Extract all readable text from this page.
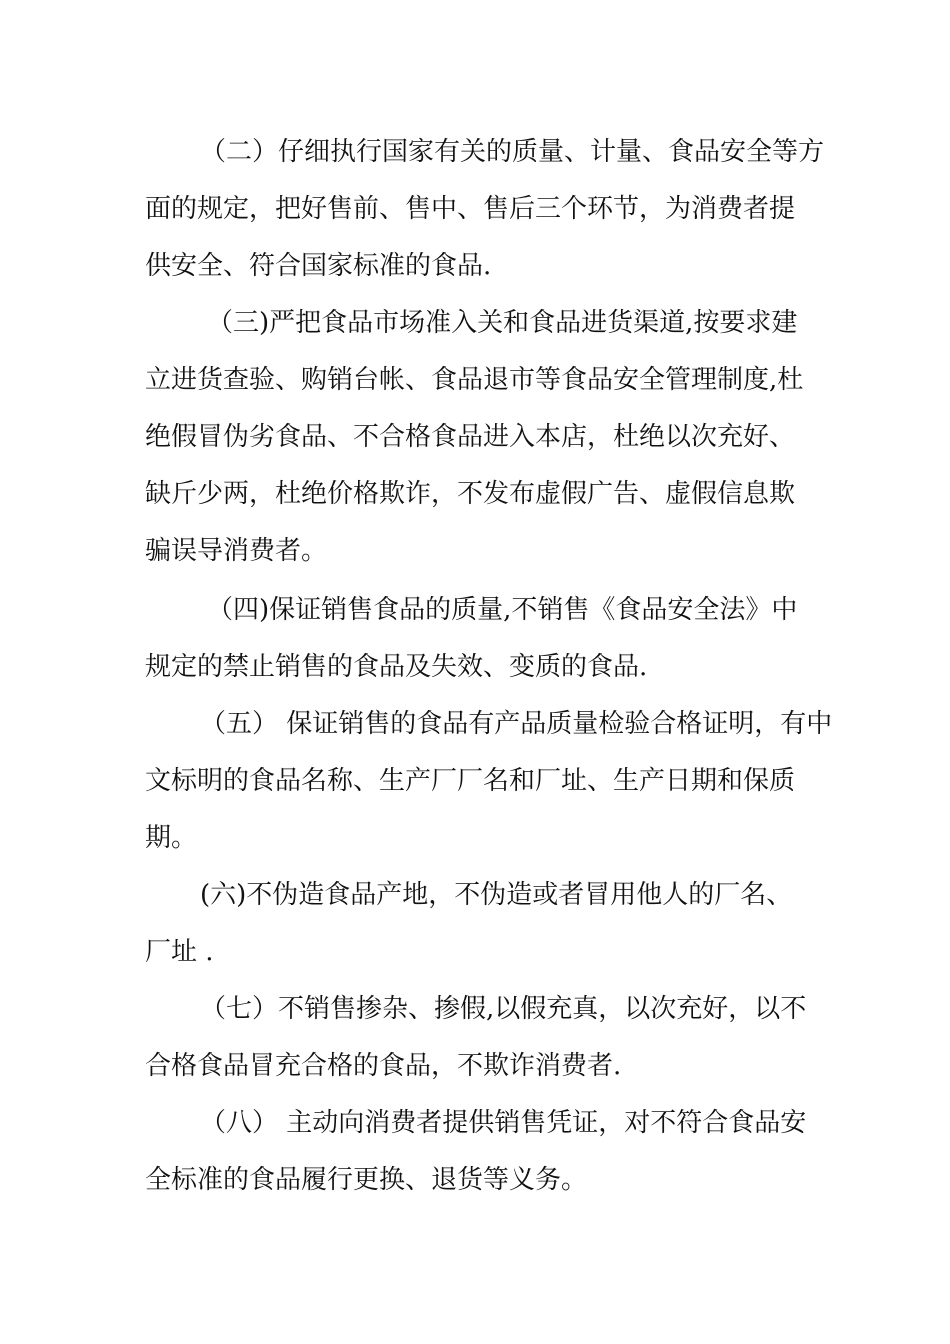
（二）仔细执行国家有关的质量、计量、食品安全等方
面的规定，把好售前、售中、售后三个环节，为消费者提
供安全、符合国家标准的食品.
（三)严把食品市场准入关和食品进货渠道,按要求建
立进货查验、购销台帐、食品退市等食品安全管理制度,杜
绝假冒伪劣食品、不合格食品进入本店，杜绝以次充好、
缺斤少两，杜绝价格欺诈，不发布虚假广告、虚假信息欺
骗误导消费者。
（四)保证销售食品的质量,不销售《食品安全法》中
规定的禁止销售的食品及失效、变质的食品.
（五） 保证销售的食品有产品质量检验合格证明，有中
文标明的食品名称、生产厂厂名和厂址、生产日期和保质
期。
(六)不伪造食品产地，不伪造或者冒用他人的厂名、
厂址 .
（七）不销售掺杂、掺假,以假充真，以次充好，以不
合格食品冒充合格的食品，不欺诈消费者.
（八） 主动向消费者提供销售凭证，对不符合食品安
全标准的食品履行更换、退货等义务。
